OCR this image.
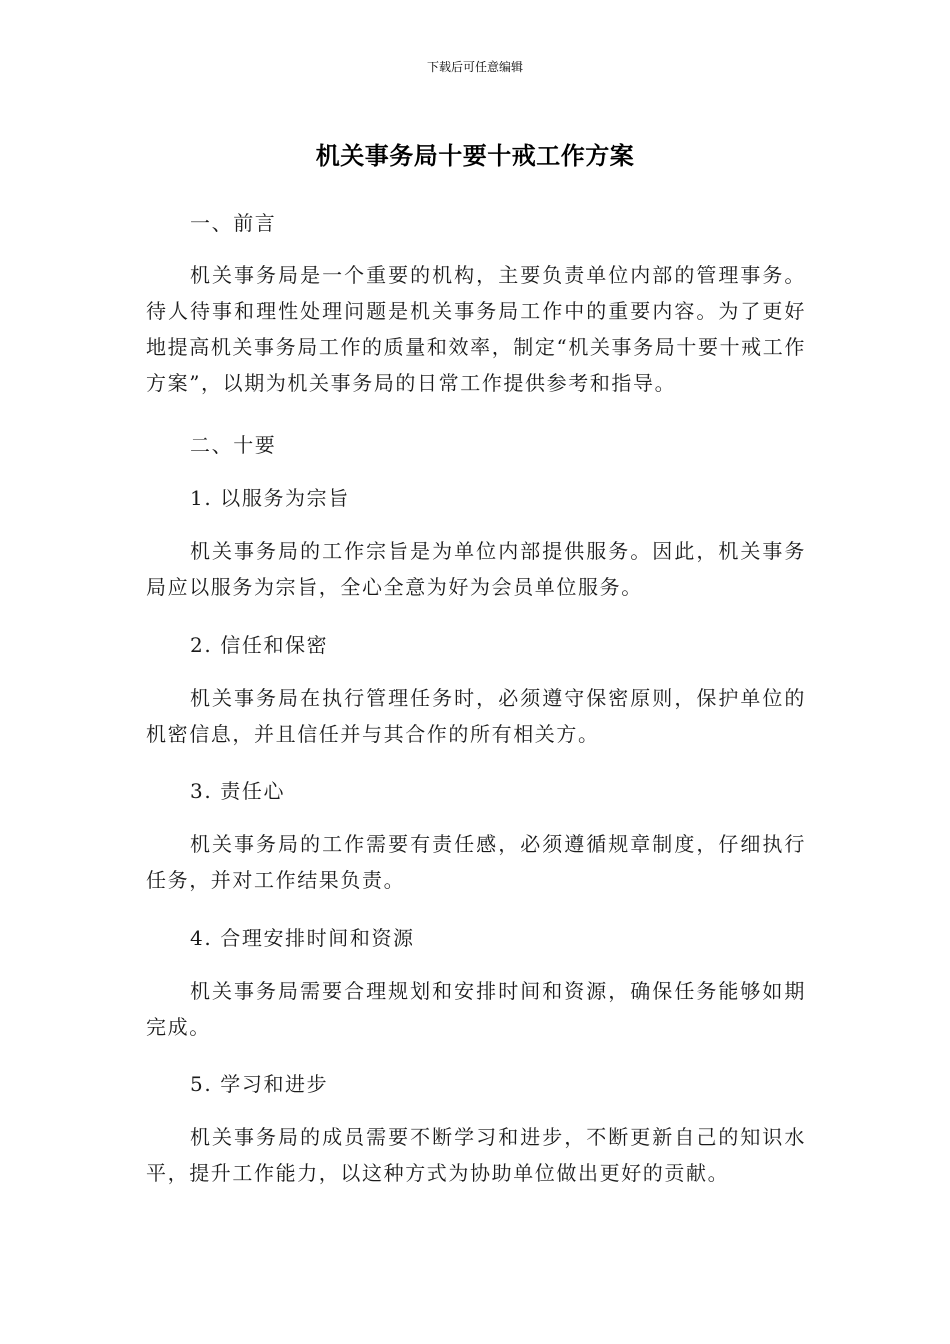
下载后可任意编辑
机关事务局十要十戒工作方案
一、前言
机关事务局是一个重要的机构，主要负责单位内部的管理事务。待人待事和理性处理问题是机关事务局工作中的重要内容。为了更好地提高机关事务局工作的质量和效率，制定“机关事务局十要十戒工作方案”，以期为机关事务局的日常工作提供参考和指导。
二、十要
1. 以服务为宗旨
机关事务局的工作宗旨是为单位内部提供服务。因此，机关事务局应以服务为宗旨，全心全意为好为会员单位服务。
2. 信任和保密
机关事务局在执行管理任务时，必须遵守保密原则，保护单位的机密信息，并且信任并与其合作的所有相关方。
3. 责任心
机关事务局的工作需要有责任感，必须遵循规章制度，仔细执行任务，并对工作结果负责。
4. 合理安排时间和资源
机关事务局需要合理规划和安排时间和资源，确保任务能够如期完成。
5. 学习和进步
机关事务局的成员需要不断学习和进步，不断更新自己的知识水平，提升工作能力，以这种方式为协助单位做出更好的贡献。
